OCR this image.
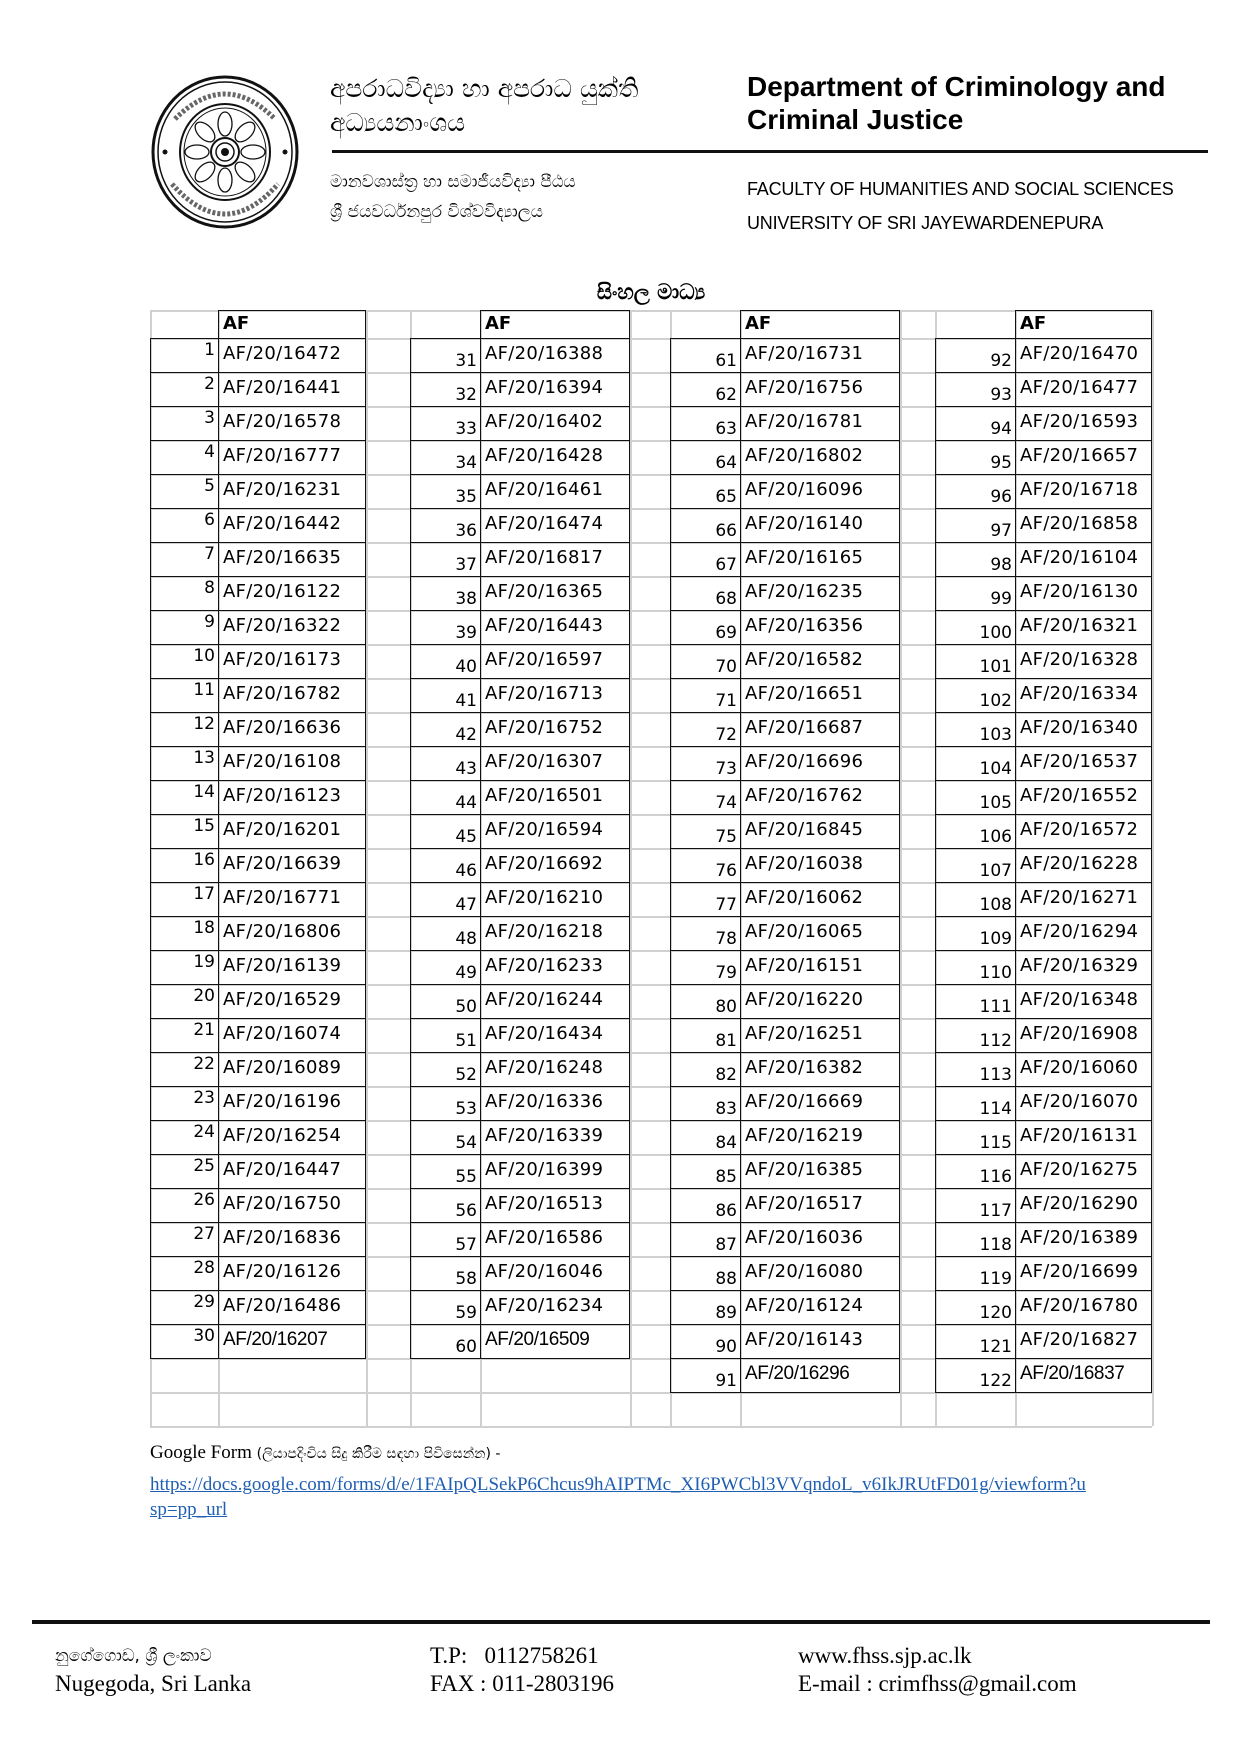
අපරාධවිද්‍යා හා අපරාධ යුක්ති
අධ්‍යයනාංශය
Department of Criminology and
Criminal Justice
මානවශාස්ත්‍ර හා සමාජීයවිද්‍යා පීඨය
ශ්‍රී ජයවර්ධනපුර විශ්වවිද්‍යාලය
FACULTY OF HUMANITIES AND SOCIAL SCIENCES
UNIVERSITY OF SRI JAYEWARDENEPURA
සිංහල මාධ්‍ය
AF
1 AF/20/16472
2 AF/20/16441
3 AF/20/16578
4 AF/20/16777
5 AF/20/16231
6 AF/20/16442
7 AF/20/16635
8 AF/20/16122
9 AF/20/16322
10 AF/20/16173
11 AF/20/16782
12 AF/20/16636
13 AF/20/16108
14 AF/20/16123
15 AF/20/16201
16 AF/20/16639
17 AF/20/16771
18 AF/20/16806
19 AF/20/16139
20 AF/20/16529
21 AF/20/16074
22 AF/20/16089
23 AF/20/16196
24 AF/20/16254
25 AF/20/16447
26 AF/20/16750
27 AF/20/16836
28 AF/20/16126
29 AF/20/16486
30 AF/20/16207
AF
31 AF/20/16388
32 AF/20/16394
33 AF/20/16402
34 AF/20/16428
35 AF/20/16461
36 AF/20/16474
37 AF/20/16817
38 AF/20/16365
39 AF/20/16443
40 AF/20/16597
41 AF/20/16713
42 AF/20/16752
43 AF/20/16307
44 AF/20/16501
45 AF/20/16594
46 AF/20/16692
47 AF/20/16210
48 AF/20/16218
49 AF/20/16233
50 AF/20/16244
51 AF/20/16434
52 AF/20/16248
53 AF/20/16336
54 AF/20/16339
55 AF/20/16399
56 AF/20/16513
57 AF/20/16586
58 AF/20/16046
59 AF/20/16234
60 AF/20/16509
AF
61 AF/20/16731
62 AF/20/16756
63 AF/20/16781
64 AF/20/16802
65 AF/20/16096
66 AF/20/16140
67 AF/20/16165
68 AF/20/16235
69 AF/20/16356
70 AF/20/16582
71 AF/20/16651
72 AF/20/16687
73 AF/20/16696
74 AF/20/16762
75 AF/20/16845
76 AF/20/16038
77 AF/20/16062
78 AF/20/16065
79 AF/20/16151
80 AF/20/16220
81 AF/20/16251
82 AF/20/16382
83 AF/20/16669
84 AF/20/16219
85 AF/20/16385
86 AF/20/16517
87 AF/20/16036
88 AF/20/16080
89 AF/20/16124
90 AF/20/16143
91 AF/20/16296
AF
92 AF/20/16470
93 AF/20/16477
94 AF/20/16593
95 AF/20/16657
96 AF/20/16718
97 AF/20/16858
98 AF/20/16104
99 AF/20/16130
100 AF/20/16321
101 AF/20/16328
102 AF/20/16334
103 AF/20/16340
104 AF/20/16537
105 AF/20/16552
106 AF/20/16572
107 AF/20/16228
108 AF/20/16271
109 AF/20/16294
110 AF/20/16329
111 AF/20/16348
112 AF/20/16908
113 AF/20/16060
114 AF/20/16070
115 AF/20/16131
116 AF/20/16275
117 AF/20/16290
118 AF/20/16389
119 AF/20/16699
120 AF/20/16780
121 AF/20/16827
122 AF/20/16837
Google Form (ලියාපදිංචිය සිදු කිරීම සඳහා පිවිසෙන්න) -
https://docs.google.com/forms/d/e/1FAIpQLSekP6Chcus9hAIPTMc_XI6PWCbl3VVqndoL_v6IkJRUtFD01g/viewform?usp=pp_url
නුගේගොඩ, ශ්‍රී ලංකාව
Nugegoda, Sri Lanka
T.P:   0112758261
FAX : 011-2803196
www.fhss.sjp.ac.lk
E-mail : crimfhss@gmail.com
